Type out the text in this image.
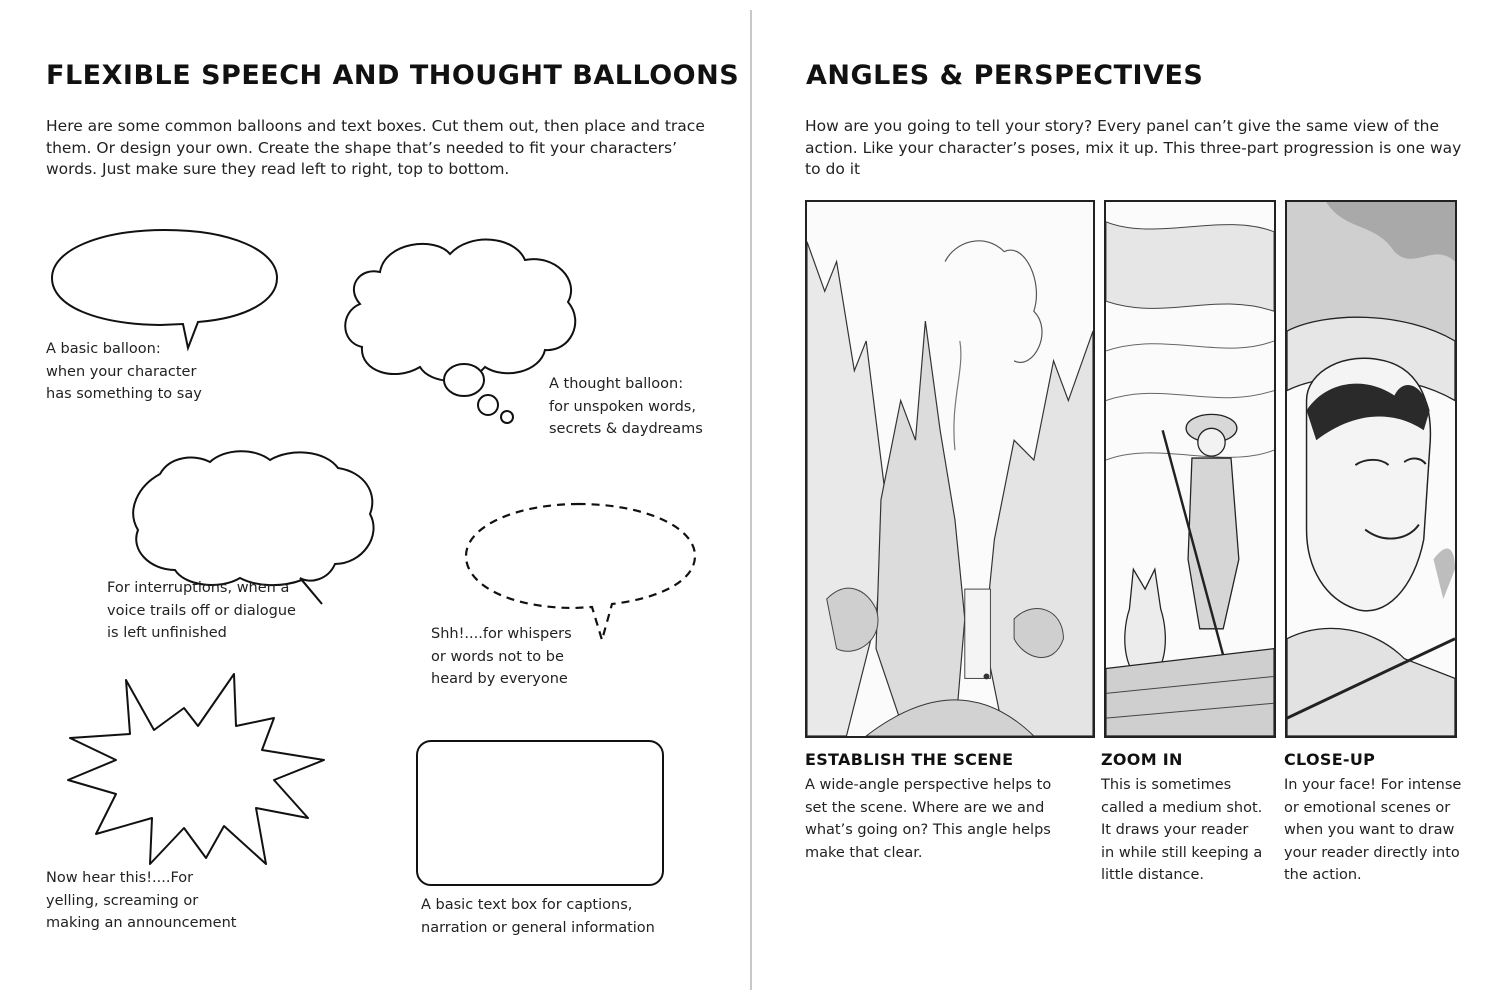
FLEXIBLE SPEECH AND THOUGHT BALLOONS
Here are some common balloons and text boxes. Cut them out, then place and trace them. Or design your own. Create the shape that’s needed to fit your characters’ words. Just make sure they read left to right, top to bottom.
A basic balloon:
when your character
has something to say
A thought balloon:
for unspoken words,
secrets & daydreams
For interruptions, when a
voice trails off or dialogue
is left unfinished	Shh!....for whispers
or words not to be
heard by everyone
Now hear this!....For
yelling, screaming or
making an announcement
A basic text box for captions,
narration or general information
ANGLES & PERSPECTIVES
How are you going to tell your story? Every panel can’t give the same view of the action. Like your character’s poses, mix it up. This three-part progression is one way to do it
ESTABLISH THE SCENE
A wide-angle perspective helps to
set the scene. Where are we and
what’s going on? This angle helps
make that clear.
ZOOM IN
This is sometimes
called a medium shot.
It draws your reader
in while still keeping a
little distance.
CLOSE-UP
In your face! For intense
or emotional scenes or
when you want to draw
your reader directly into
the action.
